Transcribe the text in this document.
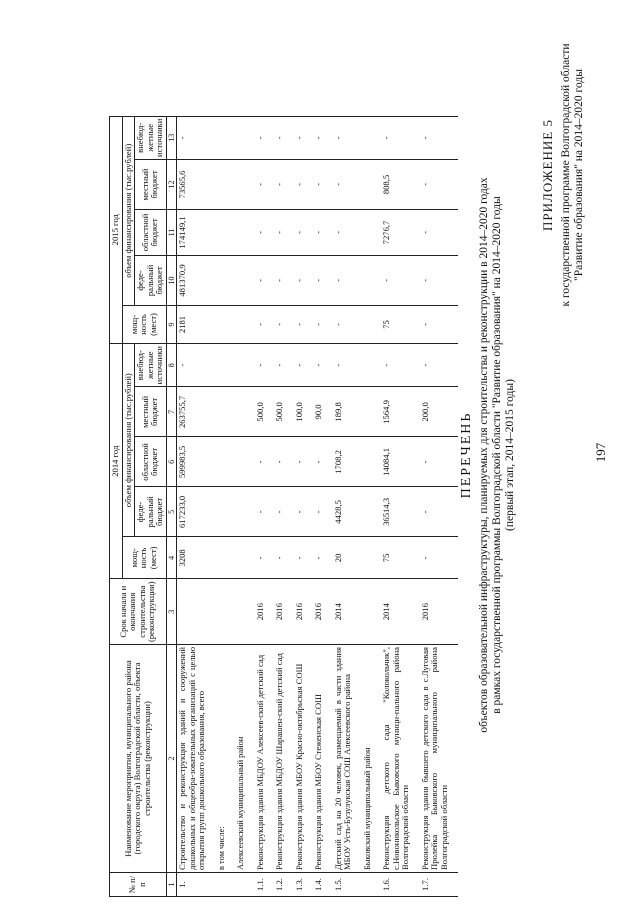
197
ПРИЛОЖЕНИЕ 5 к государственной программе Волгоградской области "Развитие образования" на 2014–2020 годы
ПЕРЕЧЕНЬ объектов образовательной инфраструктуры, планируемых для строительства и реконструкции в 2014–2020 годах в рамках государственной программы Волгоградской области "Развитие образования" на 2014–2020 годы (первый этап, 2014–2015 годы)
№ п/п	Наименование мероприятия, муниципального района (городского округа) Волгоградской области, объекта строительства (реконструкции)	Срок начала и окончания строительства (реконструкции)	2014 год					2015 год				
			мощ-ность (мест)	объем финансирования (тыс.рублей)				мощ-ность (мест)	объем финансирования (тыс.рублей)			
				феде-ральный бюджет	областной бюджет	местный бюджет	внебюд-жетные источники		феде-ральный бюджет	областной бюджет	местный бюджет	внебюд-жетные источники
1	2	3	4	5	6	7	8	9	10	11	12	13
1.	Строительство и реконструкция зданий и сооружений дошкольных и общеобра-зовательных организаций с целью открытия групп дошкольного образования, всего		3208	617233,0	599983,5	263755,7	-	2181	481370,9	174149,1	73565,6	-

	в том числе:											

	Алексеевский муниципальный район											

1.1.	Реконструкция здания МБДОУ Алексеев-ский детский сад	2016	-	-	-	500,0	-	-	-	-	-	-

1.2.	Реконструкция здания МБДОУ Шарашен-ский детский сад	2016	-	-	-	500,0	-	-	-	-	-	-

1.3.	Реконструкция здания МБОУ Красно-октябрьская СОШ	2016	-	-	-	100,0	-	-	-	-	-	-

1.4.	Реконструкция здания МБОУ Стеженская СОШ	2016	-	-	-	90,0	-	-	-	-	-	-

1.5.	Детский сад на 20 человек, размещаемый в части здания МБОУ Усть-Бузулукская СОШ Алексеевского района	2014	20	4428,5	1708,2	189,8	-	-	-	-	-	-

	Быковский муниципальный район											

1.6.	Реконструкция детского сада "Колокольчик", с.Новоникольское Быковского муници-пального района Волгоградской области	2014	75	36514,3	14084,1	1564,9	-	75	-	7276,7	808,5	-

1.7.	Реконструкция здания бывшего детского сада в с.Луговая Пролейка Быковского муниципального района Волгоградской области	2016	-	-	-	200,0	-	-	-	-	-	-
